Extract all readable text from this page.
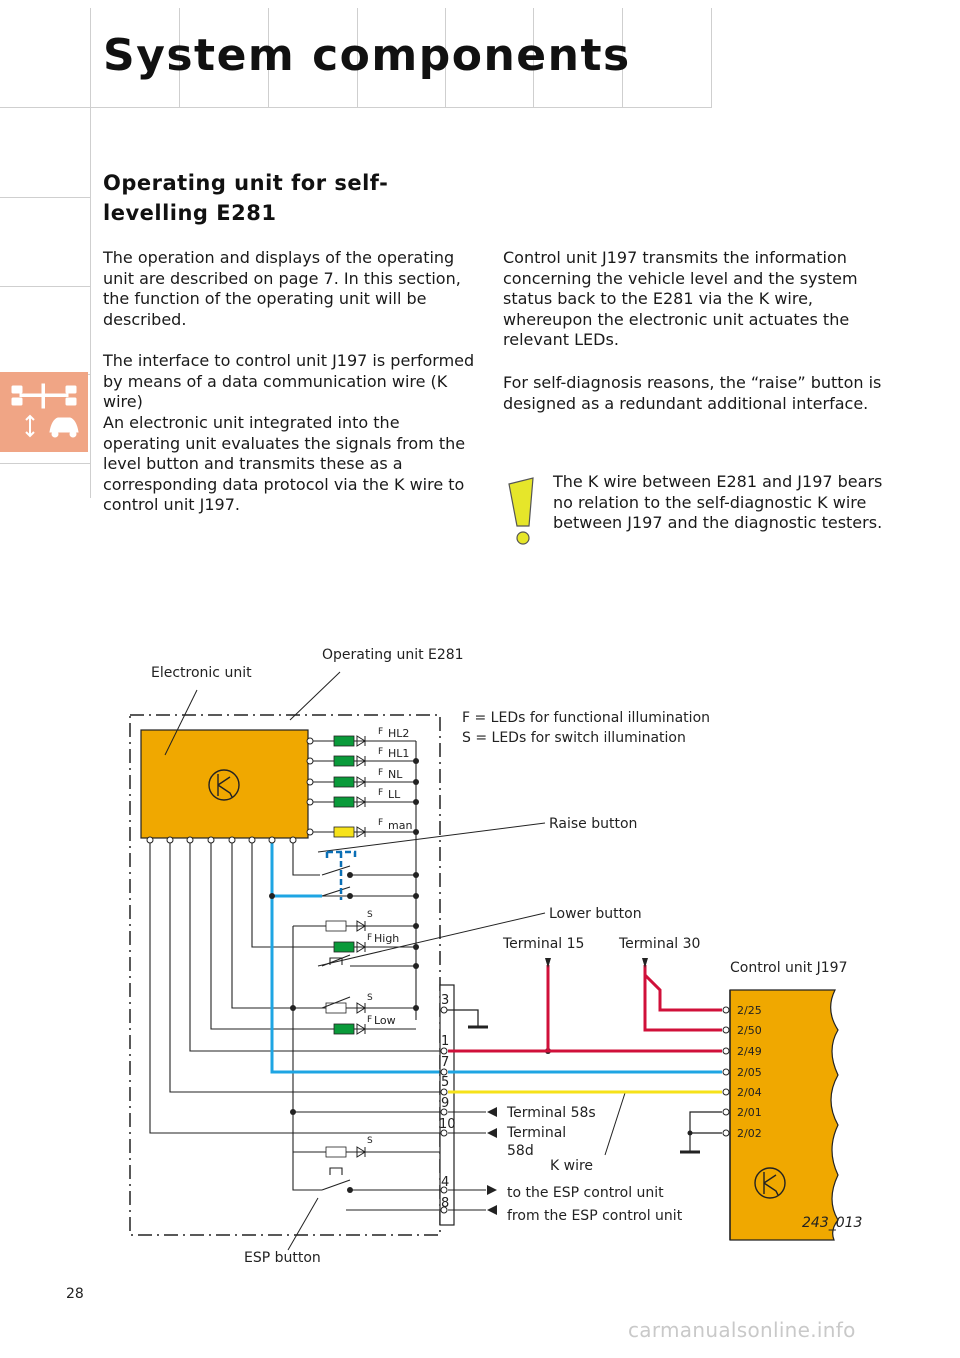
System components
Operating unit for self-levelling E281

The operation and displays of the operating unit are described on page 7. In this section, the function of the operating unit will be described.

The interface to control unit J197 is performed by means of a data communication wire (K wire)

An electronic unit integrated into the operating unit evaluates the signals from the level button and transmits these as a corresponding data protocol via the K wire to control unit J197.

Control unit J197 transmits the information concerning the vehicle level and the system status back to the E281 via the K wire, whereupon the electronic unit actuates the relevant LEDs.

For self-diagnosis reasons, the “raise” button is designed as a redundant additional interface.

The K wire between E281 and J197 bears no relation to the self-diagnostic K wire between J197 and the diagnostic testers.

F
F
F
F
F
S
F
S
F
S
HL2
HL1
NL
LL
man
High
Low
3
1
7
5
9
10
4
8
2/25
2/50
2/49
2/05
2/04
2/01
2/02
Electronic unit
Operating unit E281
F = LEDs for functional illumination
S = LEDs for switch illumination
Raise button
Lower button
Terminal 15 Terminal 30
Control unit J197
Terminal 58s
Terminal
58d
K wire
to the ESP control unit
from the ESP control unit
ESP button
243_013
28
carmanualsonline.info
